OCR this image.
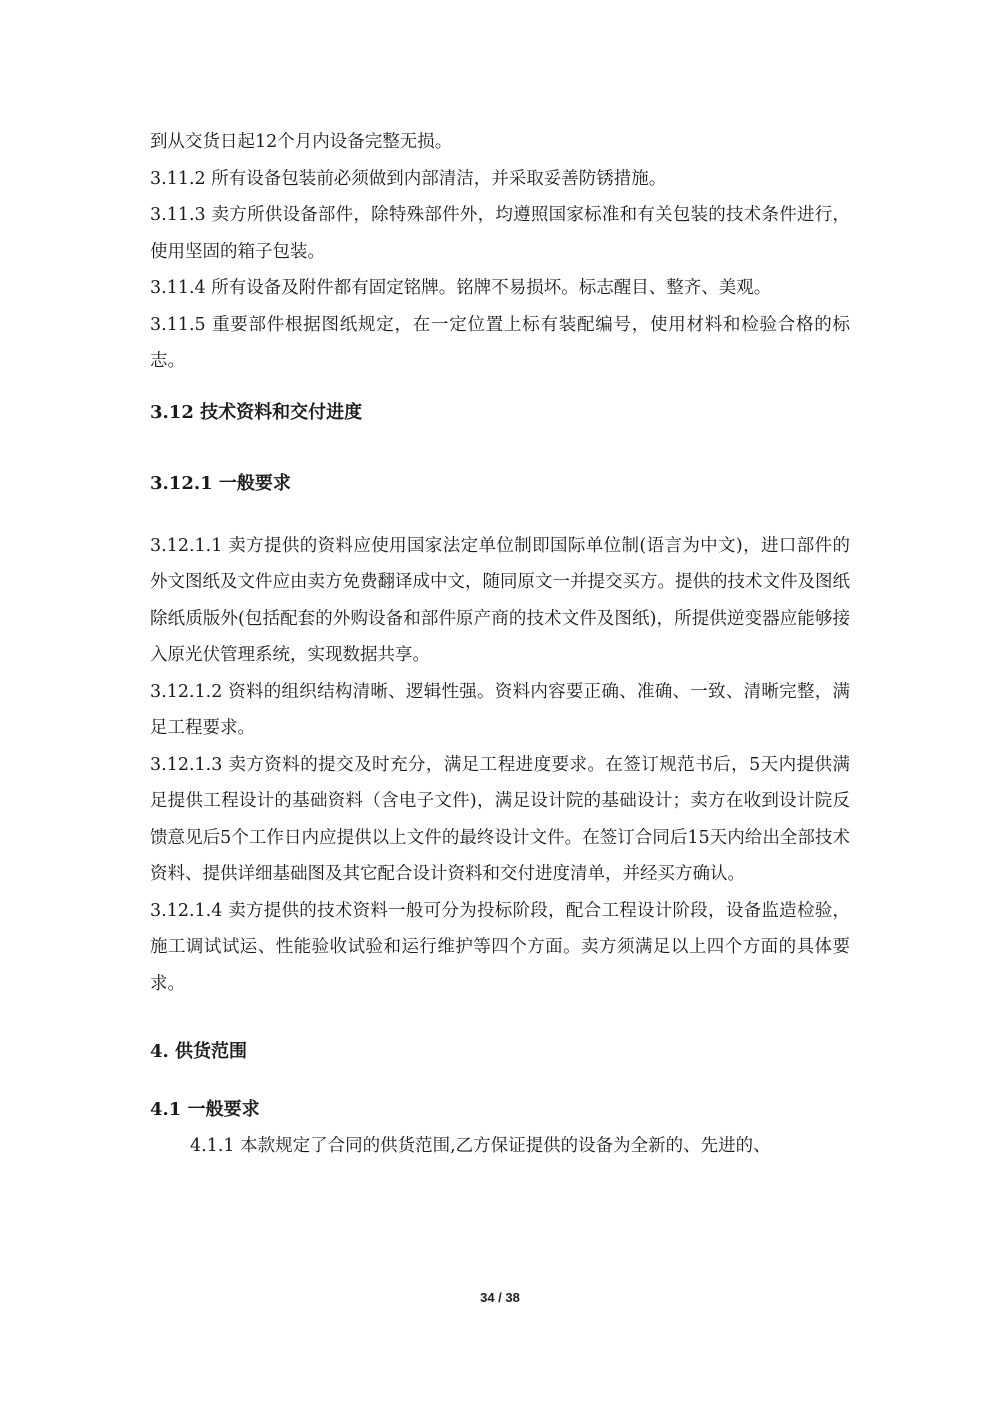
到从交货日起12个月内设备完整无损。

3.11.2 所有设备包装前必须做到内部清洁，并采取妥善防锈措施。

3.11.3 卖方所供设备部件，除特殊部件外，均遵照国家标准和有关包装的技术条件进行，使用坚固的箱子包装。

3.11.4 所有设备及附件都有固定铭牌。铭牌不易损坏。标志醒目、整齐、美观。

3.11.5 重要部件根据图纸规定，在一定位置上标有装配编号，使用材料和检验合格的标志。

3.12 技术资料和交付进度
3.12.1 一般要求

3.12.1.1 卖方提供的资料应使用国家法定单位制即国际单位制(语言为中文)，进口部件的外文图纸及文件应由卖方免费翻译成中文，随同原文一并提交买方。提供的技术文件及图纸除纸质版外(包括配套的外购设备和部件原产商的技术文件及图纸)，所提供逆变器应能够接入原光伏管理系统，实现数据共享。

3.12.1.2 资料的组织结构清晰、逻辑性强。资料内容要正确、准确、一致、清晰完整，满足工程要求。

3.12.1.3 卖方资料的提交及时充分，满足工程进度要求。在签订规范书后，5天内提供满足提供工程设计的基础资料（含电子文件)，满足设计院的基础设计；卖方在收到设计院反馈意见后5个工作日内应提供以上文件的最终设计文件。在签订合同后15天内给出全部技术资料、提供详细基础图及其它配合设计资料和交付进度清单，并经买方确认。

3.12.1.4 卖方提供的技术资料一般可分为投标阶段，配合工程设计阶段，设备监造检验，施工调试试运、性能验收试验和运行维护等四个方面。卖方须满足以上四个方面的具体要求。

4. 供货范围
4.1 一般要求

4.1.1 本款规定了合同的供货范围,乙方保证提供的设备为全新的、先进的、

34 / 38
